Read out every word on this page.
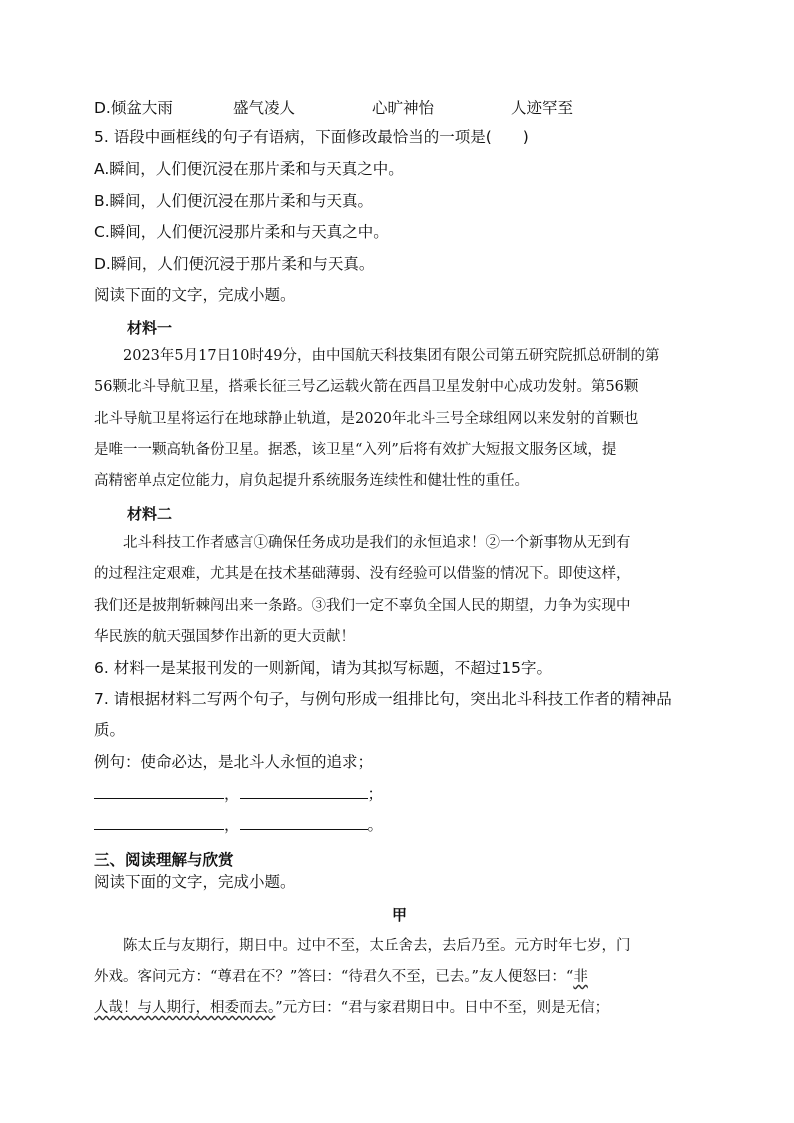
D.倾盆大雨	盛气凌人	心旷神怡	人迹罕至
5. 语段中画框线的句子有语病，下面修改最恰当的一项是(　　)
A.瞬间，人们便沉浸在那片柔和与天真之中。
B.瞬间，人们便沉浸在那片柔和与天真。
C.瞬间，人们便沉浸那片柔和与天真之中。
D.瞬间，人们便沉浸于那片柔和与天真。
阅读下面的文字，完成小题。
材料一
　　2023年5月17日10时49分，由中国航天科技集团有限公司第五研究院抓总研制的第
56颗北斗导航卫星，搭乘长征三号乙运载火箭在西昌卫星发射中心成功发射。第56颗
北斗导航卫星将运行在地球静止轨道，是2020年北斗三号全球组网以来发射的首颗也
是唯一一颗高轨备份卫星。据悉，该卫星“入列”后将有效扩大短报文服务区域，提
高精密单点定位能力，肩负起提升系统服务连续性和健壮性的重任。
材料二
　　北斗科技工作者感言①确保任务成功是我们的永恒追求！②一个新事物从无到有
的过程注定艰难，尤其是在技术基础薄弱、没有经验可以借鉴的情况下。即使这样，
我们还是披荆斩棘闯出来一条路。③我们一定不辜负全国人民的期望，力争为实现中
华民族的航天强国梦作出新的更大贡献！
6. 材料一是某报刊发的一则新闻，请为其拟写标题，不超过15字。
7. 请根据材料二写两个句子，与例句形成一组排比句，突出北斗科技工作者的精神品
质。
例句：使命必达，是北斗人永恒的追求；
，	；
，	。
三、阅读理解与欣赏
阅读下面的文字，完成小题。
甲
　　陈太丘与友期行，期日中。过中不至，太丘舍去，去后乃至。元方时年七岁，门
外戏。客问元方：“尊君在不？”答曰：“待君久不至，已去。”友人便怒曰：“非
人哉！与人期行，相委而去。”元方曰：“君与家君期日中。日中不至，则是无信；
